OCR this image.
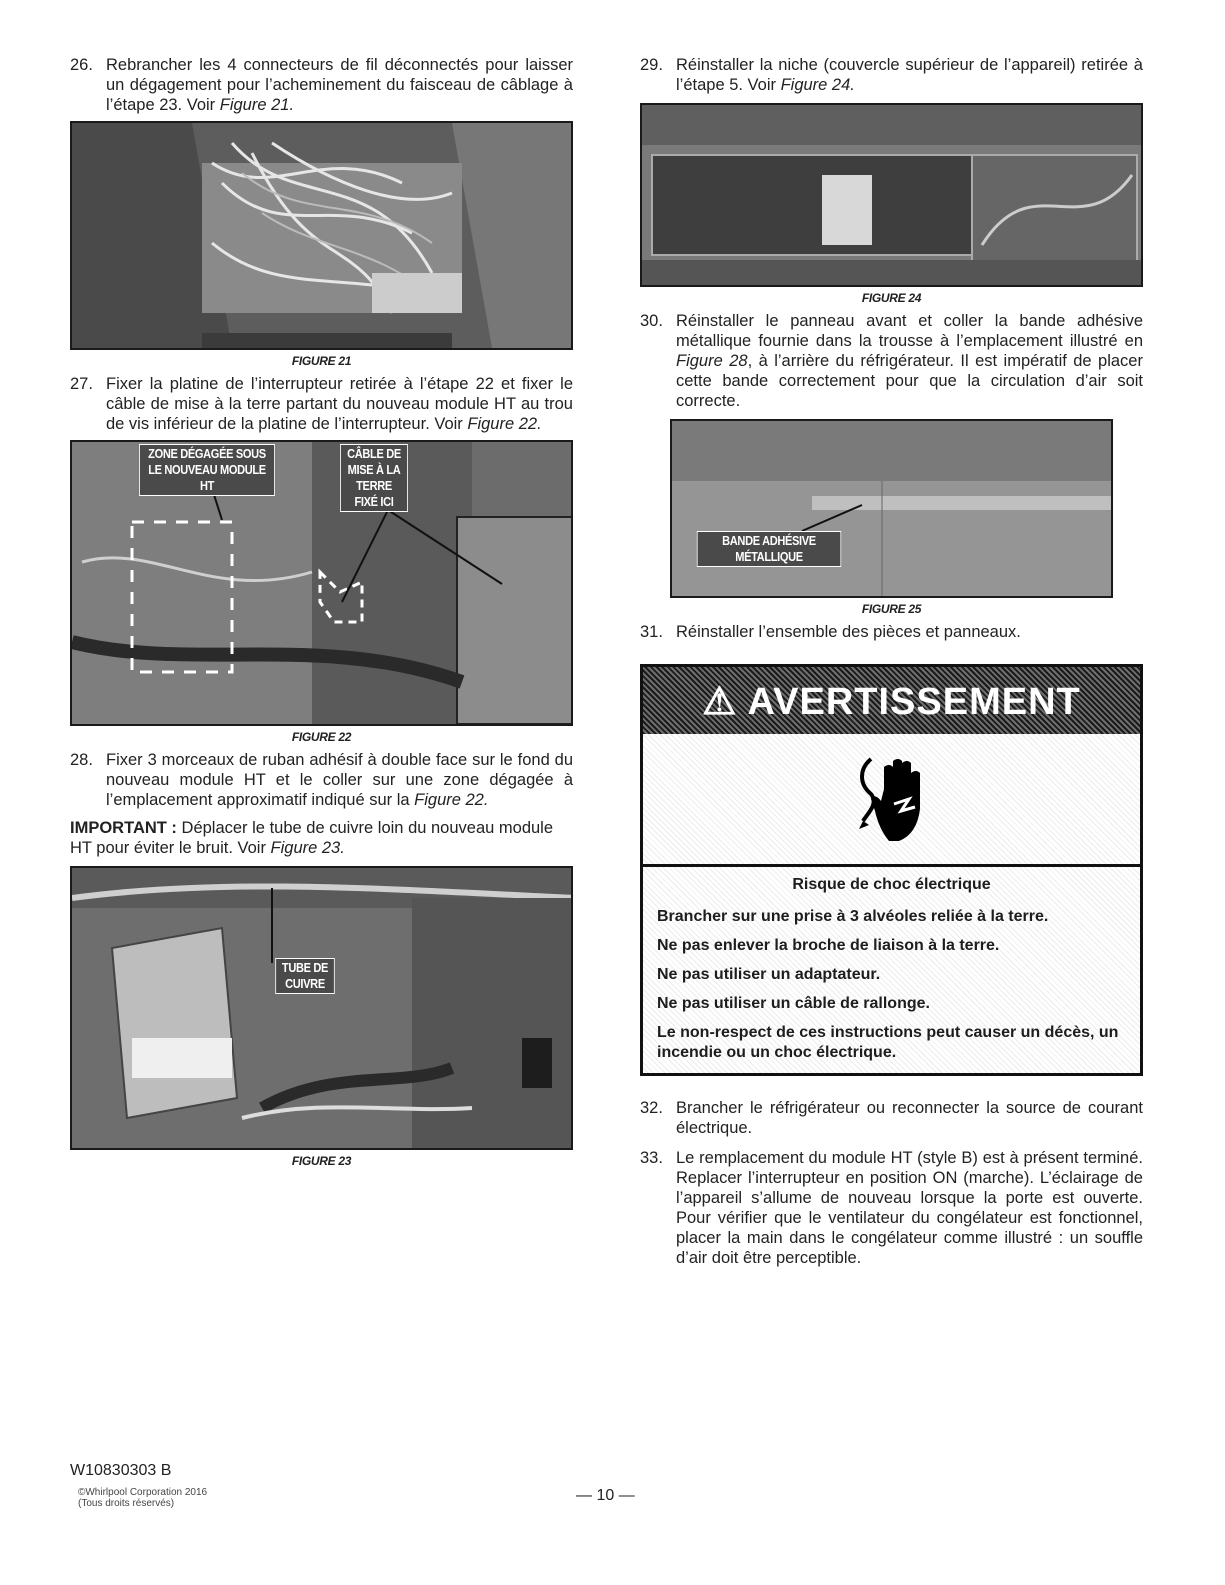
26. Rebrancher les 4 connecteurs de fil déconnectés pour laisser un dégagement pour l’acheminement du faisceau de câblage à l’étape 23. Voir Figure 21.
FIGURE 21
27. Fixer la platine de l’interrupteur retirée à l’étape 22 et fixer le câble de mise à la terre partant du nouveau module HT au trou de vis inférieur de la platine de l’interrupteur. Voir Figure 22.
ZONE DÉGAGÉE SOUS LE NOUVEAU MODULE HT
CÂBLE DE MISE À LA TERRE FIXÉ ICI
FIGURE 22
28. Fixer 3 morceaux de ruban adhésif à double face sur le fond du nouveau module HT et le coller sur une zone dégagée à l’emplacement approximatif indiqué sur la Figure 22.

IMPORTANT : Déplacer le tube de cuivre loin du nouveau module HT pour éviter le bruit. Voir Figure 23.

TUBE DE CUIVRE
FIGURE 23
29. Réinstaller la niche (couvercle supérieur de l’appareil) retirée à l’étape 5. Voir Figure 24.
FIGURE 24
30. Réinstaller le panneau avant et coller la bande adhésive métallique fournie dans la trousse à l’emplacement illustré en Figure 28, à l’arrière du réfrigérateur. Il est impératif de placer cette bande correctement pour que la circulation d’air soit correcte.
BANDE ADHÉSIVE MÉTALLIQUE
FIGURE 25
31. Réinstaller l’ensemble des pièces et panneaux.
⚠ AVERTISSEMENT

Risque de choc électrique

Brancher sur une prise à 3 alvéoles reliée à la terre.

Ne pas enlever la broche de liaison à la terre.

Ne pas utiliser un adaptateur.

Ne pas utiliser un câble de rallonge.

Le non-respect de ces instructions peut causer un décès, un incendie ou un choc électrique.

32. Brancher le réfrigérateur ou reconnecter la source de courant électrique.
33. Le remplacement du module HT (style B) est à présent terminé. Replacer l’interrupteur en position ON (marche). L’éclairage de l’appareil s’allume de nouveau lorsque la porte est ouverte. Pour vérifier que le ventilateur du congélateur est fonctionnel, placer la main dans le congélateur comme illustré : un souffle d’air doit être perceptible.
W10830303 B
©Whirlpool Corporation 2016
(Tous droits réservés)	— 10 —
